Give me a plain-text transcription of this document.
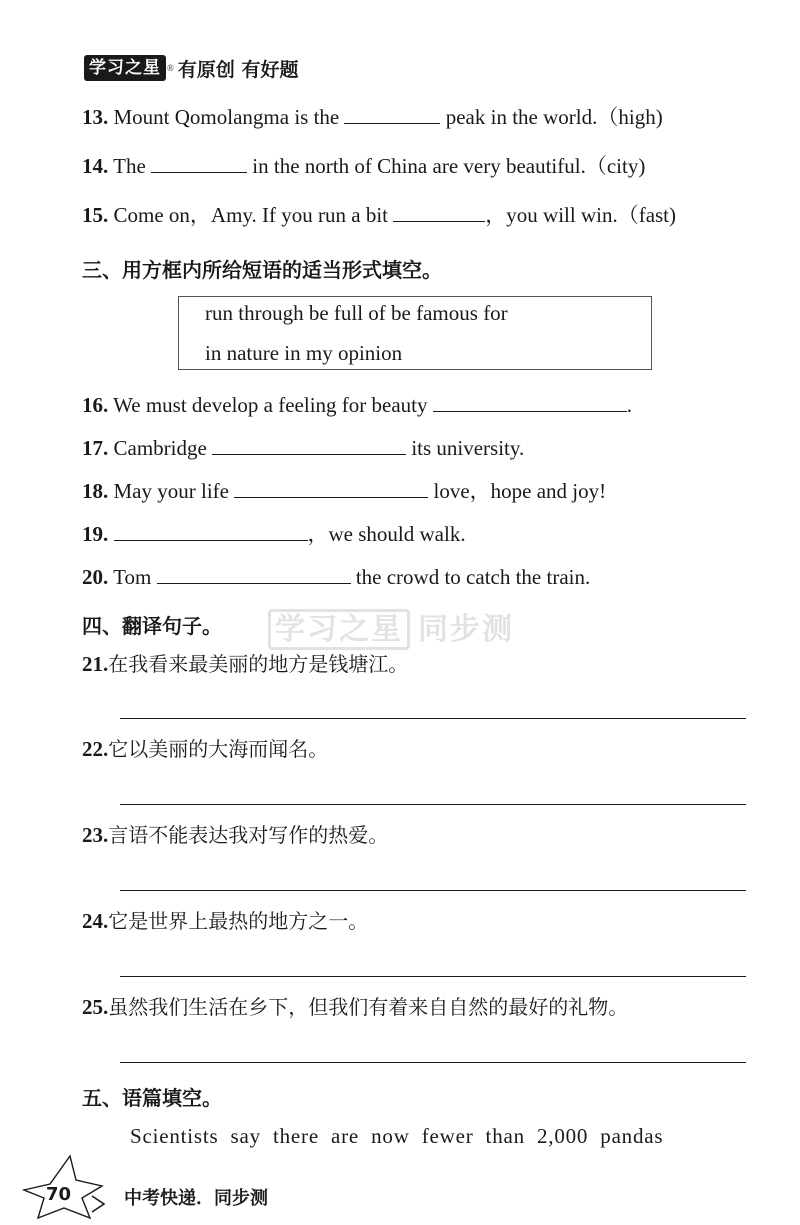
学习之星 ® 有原创 有好题
13. Mount Qomolangma is the	peak in the world.（high)
14. The	in the north of China are very beautiful.（city)
15. Come on，Amy. If you run a bit	，you will win.（fast)
三、用方框内所给短语的适当形式填空。
run through be full of be famous for
in nature in my opinion
16. We must develop a feeling for beauty	.
17. Cambridge	its university.
18. May your life	love，hope and joy!
19.	，we should walk.
20. Tom	the crowd to catch the train.
学习之星 同步测
四、翻译句子。
21.在我看来最美丽的地方是钱塘江。
22.它以美丽的大海而闻名。
23.言语不能表达我对写作的热爱。
24.它是世界上最热的地方之一。
25.虽然我们生活在乡下，但我们有着来自自然的最好的礼物。
五、语篇填空。
Scientists say there are now fewer than 2,000 pandas
70	中考快递．同步测
